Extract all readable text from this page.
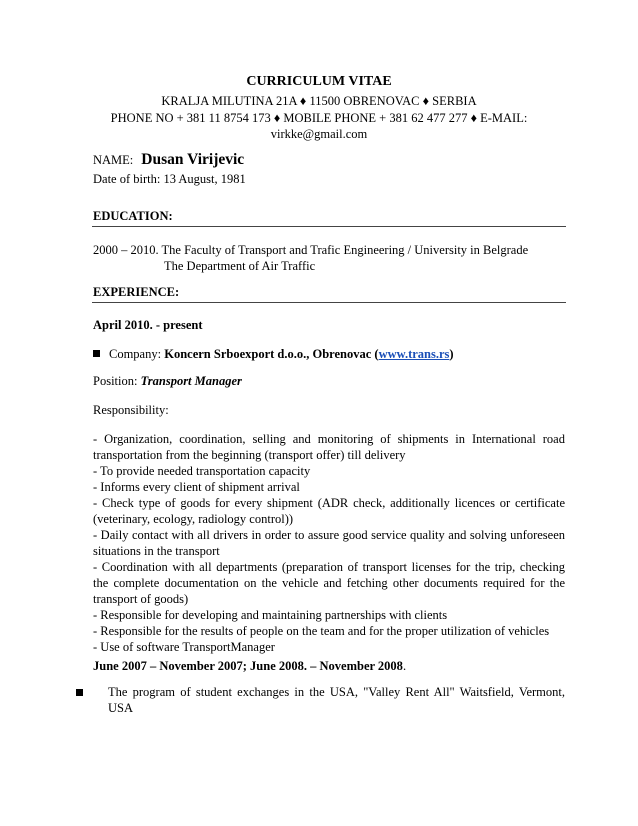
CURRICULUM VITAE
KRALJA MILUTINA 21A ♦ 11500 OBRENOVAC ♦ SERBIA
PHONE NO + 381 11 8754 173 ♦ MOBILE PHONE + 381 62 477 277 ♦ E-MAIL:
virkke@gmail.com
NAME: Dusan Virijevic
Date of birth: 13 August, 1981
EDUCATION:
2000 – 2010. The Faculty of Transport and Trafic Engineering / University in Belgrade
The Department of Air Traffic
EXPERIENCE:
April 2010. - present
Company: Koncern Srboexport d.o.o., Obrenovac (www.trans.rs)
Position: Transport Manager
Responsibility:
- Organization, coordination, selling and monitoring of shipments in International road transportation from the beginning (transport offer) till delivery
- To provide needed transportation capacity
- Informs every client of shipment arrival
- Check type of goods for every shipment (ADR check, additionally licences or certificate (veterinary, ecology, radiology control))
- Daily contact with all drivers in order to assure good service quality and solving unforeseen situations in the transport
- Coordination with all departments (preparation of transport licenses for the trip, checking the complete documentation on the vehicle and fetching other documents required for the transport of goods)
- Responsible for developing and maintaining partnerships with clients
- Responsible for the results of people on the team and for the proper utilization of vehicles
- Use of software TransportManager
June 2007 – November 2007; June 2008. – November 2008.
The program of student exchanges in the USA, "Valley Rent All" Waitsfield, Vermont, USA
